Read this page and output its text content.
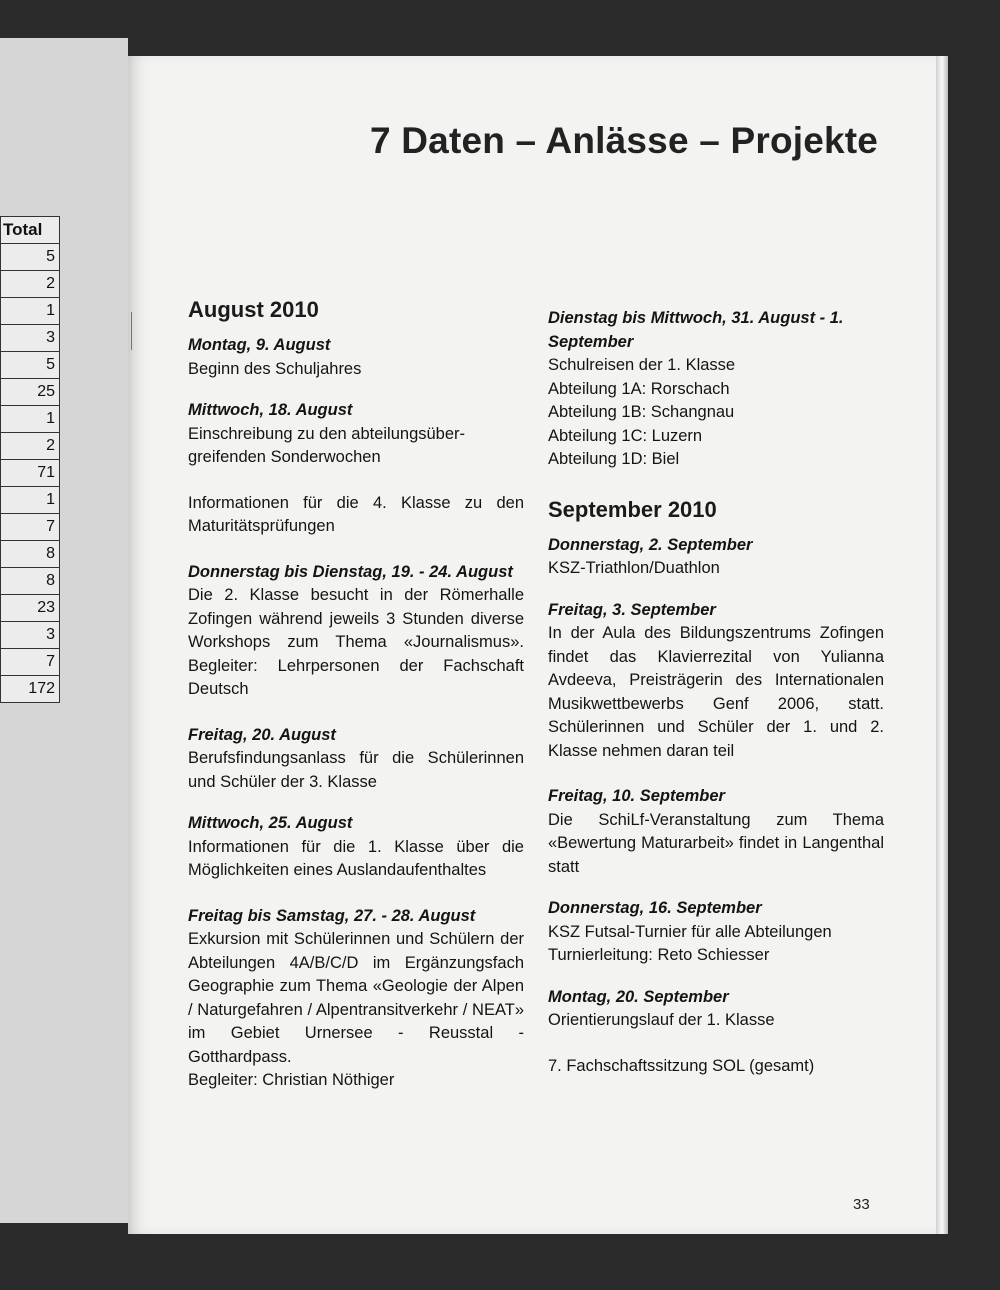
Total
5
2
1
3
5
25
1
2
71
1
7
8
8
23
3
7
172
7 Daten – Anlässe – Projekte
August 2010
Montag, 9. August
Beginn des Schuljahres
Mittwoch, 18. August
Einschreibung zu den abteilungsüber-greifenden Sonderwochen
Informationen für die 4. Klasse zu den Maturitätsprüfungen
Donnerstag bis Dienstag, 19. - 24. August
Die 2. Klasse besucht in der Römerhalle Zofingen während jeweils 3 Stunden diverse Workshops zum Thema «Journalismus». Begleiter: Lehrpersonen der Fachschaft Deutsch
Freitag, 20. August
Berufsfindungsanlass für die Schülerinnen und Schüler der 3. Klasse
Mittwoch, 25. August
Informationen für die 1. Klasse über die Möglichkeiten eines Auslandaufenthaltes
Freitag bis Samstag, 27. - 28. August
Exkursion mit Schülerinnen und Schülern der Abteilungen 4A/B/C/D im Ergänzungsfach Geographie zum Thema «Geologie der Alpen / Naturgefahren / Alpentransitverkehr / NEAT» im Gebiet Urnersee - Reusstal - Gotthardpass.
Begleiter: Christian Nöthiger
Dienstag bis Mittwoch, 31. August - 1. September
Schulreisen der 1. Klasse
Abteilung 1A: Rorschach
Abteilung 1B: Schangnau
Abteilung 1C: Luzern
Abteilung 1D: Biel
September 2010
Donnerstag, 2. September
KSZ-Triathlon/Duathlon
Freitag, 3. September
In der Aula des Bildungszentrums Zofingen findet das Klavierrezital von Yulianna Avdeeva, Preisträgerin des Internationalen Musikwettbewerbs Genf 2006, statt. Schülerinnen und Schüler der 1. und 2. Klasse nehmen daran teil
Freitag, 10. September
Die SchiLf-Veranstaltung zum Thema «Bewertung Maturarbeit» findet in Langenthal statt
Donnerstag, 16. September
KSZ Futsal-Turnier für alle Abteilungen
Turnierleitung: Reto Schiesser
Montag, 20. September
Orientierungslauf der 1. Klasse
7. Fachschaftssitzung SOL (gesamt)
33
